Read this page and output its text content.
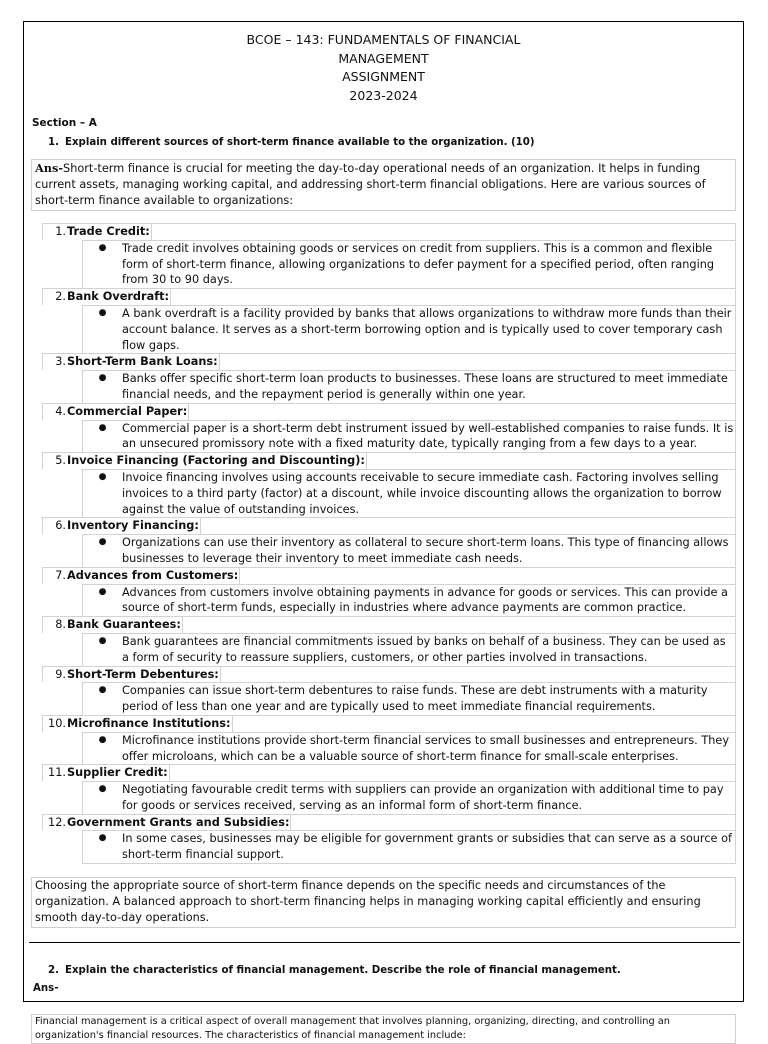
BCOE – 143: FUNDAMENTALS OF FINANCIAL
MANAGEMENT
ASSIGNMENT
2023-2024
Section – A
1. Explain different sources of short-term finance available to the organization. (10)
Ans-Short-term finance is crucial for meeting the day-to-day operational needs of an organization. It helps in funding current assets, managing working capital, and addressing short-term financial obligations. Here are various sources of short-term finance available to organizations:
1. Trade Credit:
●	Trade credit involves obtaining goods or services on credit from suppliers. This is a common and flexible form of short-term finance, allowing organizations to defer payment for a specified period, often ranging from 30 to 90 days.
2. Bank Overdraft:
●	A bank overdraft is a facility provided by banks that allows organizations to withdraw more funds than their account balance. It serves as a short-term borrowing option and is typically used to cover temporary cash flow gaps.
3. Short-Term Bank Loans:
●	Banks offer specific short-term loan products to businesses. These loans are structured to meet immediate financial needs, and the repayment period is generally within one year.
4. Commercial Paper:
●	Commercial paper is a short-term debt instrument issued by well-established companies to raise funds. It is an unsecured promissory note with a fixed maturity date, typically ranging from a few days to a year.
5. Invoice Financing (Factoring and Discounting):
●	Invoice financing involves using accounts receivable to secure immediate cash. Factoring involves selling invoices to a third party (factor) at a discount, while invoice discounting allows the organization to borrow against the value of outstanding invoices.
6. Inventory Financing:
●	Organizations can use their inventory as collateral to secure short-term loans. This type of financing allows businesses to leverage their inventory to meet immediate cash needs.
7. Advances from Customers:
●	Advances from customers involve obtaining payments in advance for goods or services. This can provide a source of short-term funds, especially in industries where advance payments are common practice.
8. Bank Guarantees:
●	Bank guarantees are financial commitments issued by banks on behalf of a business. They can be used as a form of security to reassure suppliers, customers, or other parties involved in transactions.
9. Short-Term Debentures:
●	Companies can issue short-term debentures to raise funds. These are debt instruments with a maturity period of less than one year and are typically used to meet immediate financial requirements.
10. Microfinance Institutions:
●	Microfinance institutions provide short-term financial services to small businesses and entrepreneurs. They offer microloans, which can be a valuable source of short-term finance for small-scale enterprises.
11. Supplier Credit:
●	Negotiating favourable credit terms with suppliers can provide an organization with additional time to pay for goods or services received, serving as an informal form of short-term finance.
12. Government Grants and Subsidies:
●	In some cases, businesses may be eligible for government grants or subsidies that can serve as a source of short-term financial support.
Choosing the appropriate source of short-term finance depends on the specific needs and circumstances of the organization. A balanced approach to short-term financing helps in managing working capital efficiently and ensuring smooth day-to-day operations.
2. Explain the characteristics of financial management. Describe the role of financial management.
Ans-
Financial management is a critical aspect of overall management that involves planning, organizing, directing, and controlling an organization's financial resources. The characteristics of financial management include:
